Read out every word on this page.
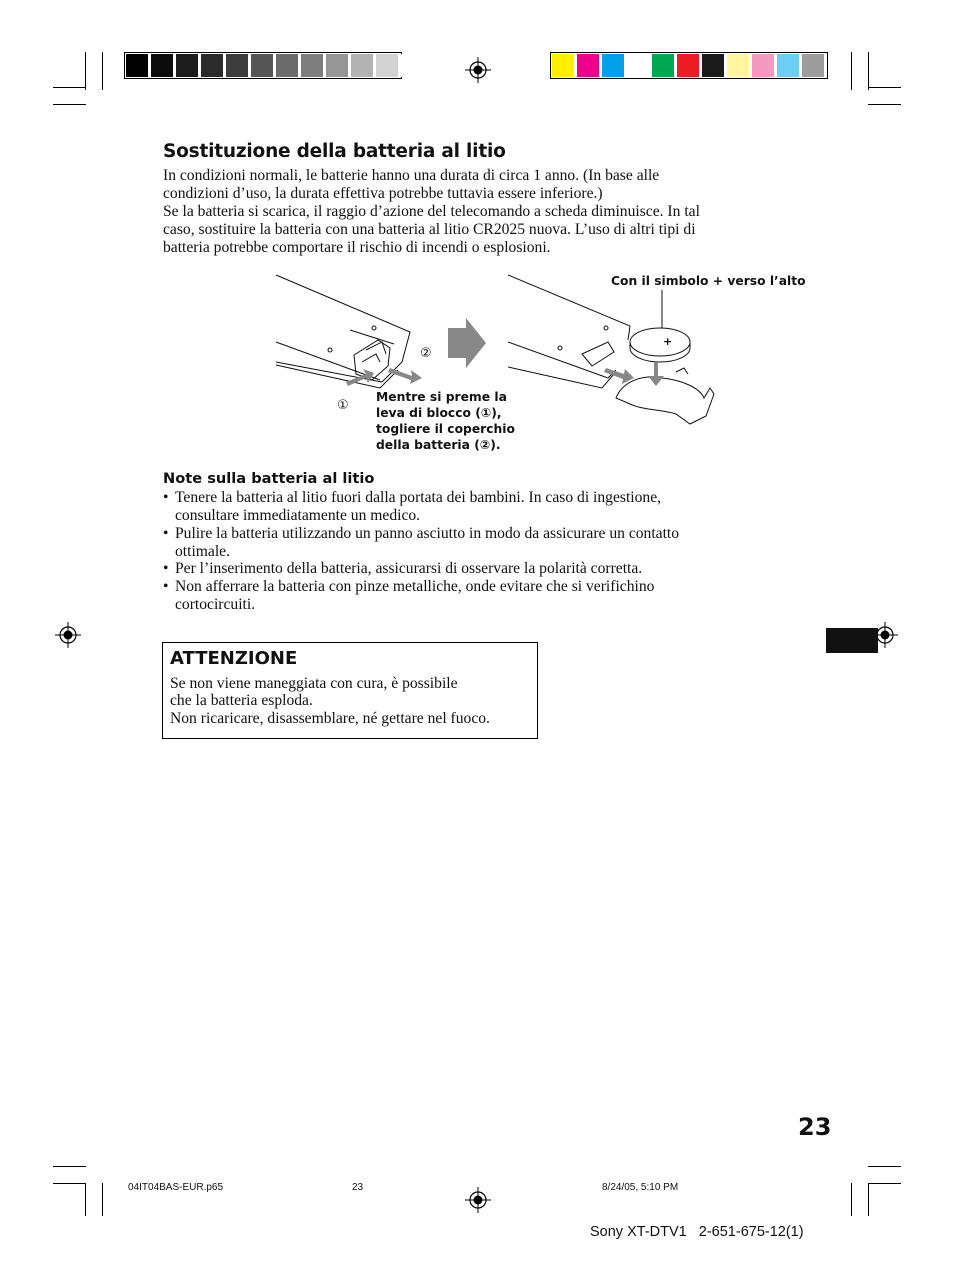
Sostituzione della batteria al litio
In condizioni normali, le batterie hanno una durata di circa 1 anno. (In base alle
condizioni d’uso, la durata effettiva potrebbe tuttavia essere inferiore.)
Se la batteria si scarica, il raggio d’azione del telecomando a scheda diminuisce. In tal
caso, sostituire la batteria con una batteria al litio CR2025 nuova. L’uso di altri tipi di
batteria potrebbe comportare il rischio di incendi o esplosioni.
+
Con il simbolo + verso l’alto
②
①
Mentre si preme la
leva di blocco (①),
togliere il coperchio
della batteria (②).
Note sulla batteria al litio
• Tenere la batteria al litio fuori dalla portata dei bambini. In caso di ingestione,
consultare immediatamente un medico.
• Pulire la batteria utilizzando un panno asciutto in modo da assicurare un contatto
ottimale.
• Per l’inserimento della batteria, assicurarsi di osservare la polarità corretta.
• Non afferrare la batteria con pinze metalliche, onde evitare che si verifichino
cortocircuiti.
ATTENZIONE
Se non viene maneggiata con cura, è possibile
che la batteria esploda.
Non ricaricare, disassemblare, né gettare nel fuoco.
23
04IT04BAS-EUR.p65	23	8/24/05, 5:10 PM
Sony XT-DTV1   2-651-675-12(1)
